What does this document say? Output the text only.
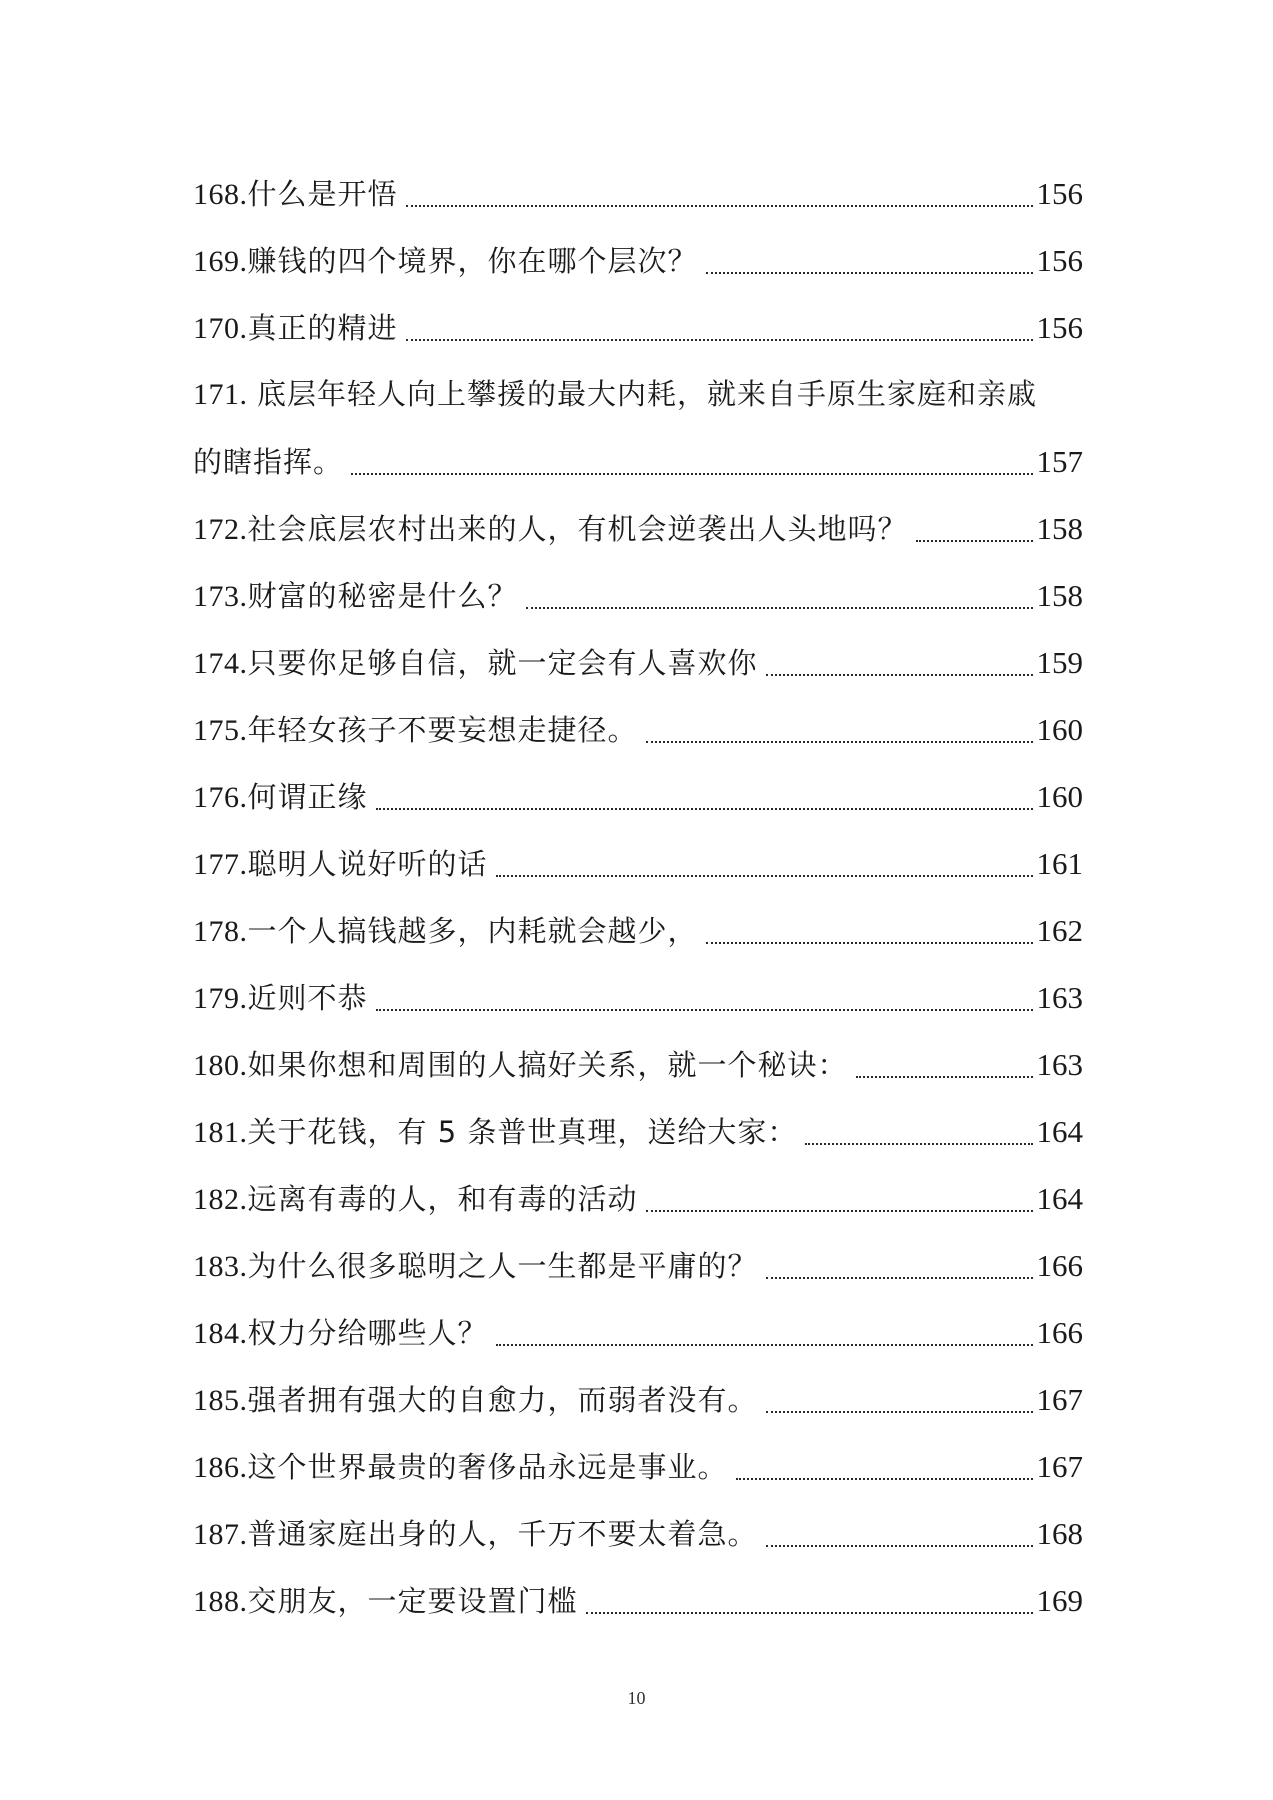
168. 什么是开悟	156
169. 赚钱的四个境界，你在哪个层次？	156
170. 真正的精进	156
171. 底层年轻人向上攀援的最大内耗，就来自手原生家庭和亲戚
的瞎指挥。	157
172. 社会底层农村出来的人，有机会逆袭出人头地吗？	158
173. 财富的秘密是什么？	158
174. 只要你足够自信，就一定会有人喜欢你	159
175. 年轻女孩子不要妄想走捷径。	160
176. 何谓正缘	160
177. 聪明人说好听的话	161
178. 一个人搞钱越多，内耗就会越少，	162
179. 近则不恭	163
180. 如果你想和周围的人搞好关系，就一个秘诀：	163
181. 关于花钱，有 5 条普世真理，送给大家：	164
182. 远离有毒的人，和有毒的活动	164
183. 为什么很多聪明之人一生都是平庸的？	166
184. 权力分给哪些人？	166
185. 强者拥有强大的自愈力，而弱者没有。	167
186. 这个世界最贵的奢侈品永远是事业。	167
187. 普通家庭出身的人，千万不要太着急。	168
188. 交朋友，一定要设置门槛	169
10
